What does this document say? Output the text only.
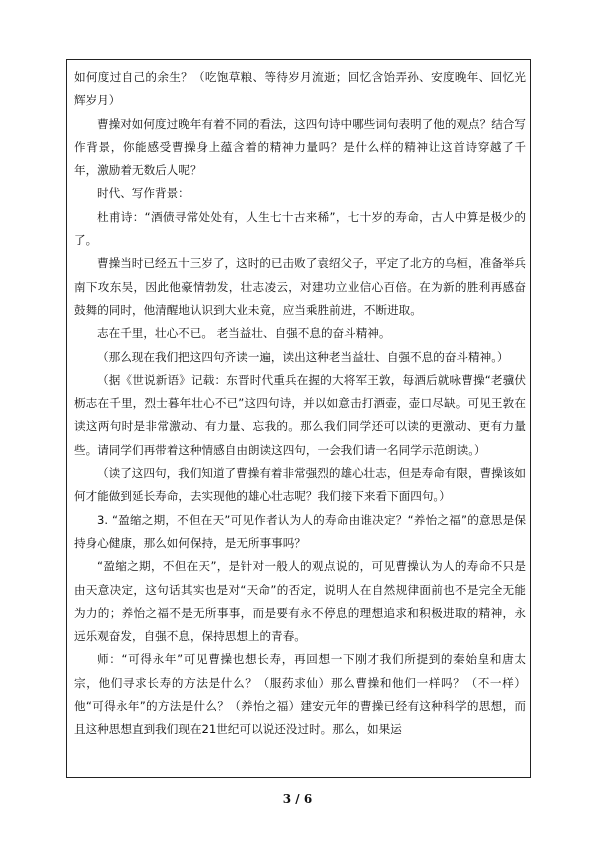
如何度过自己的余生？（吃饱草粮、等待岁月流逝；回忆含饴弄孙、安度晚年、回忆光辉岁月）

曹操对如何度过晚年有着不同的看法，这四句诗中哪些词句表明了他的观点？结合写作背景，你能感受曹操身上蕴含着的精神力量吗？是什么样的精神让这首诗穿越了千年，激励着无数后人呢？

时代、写作背景：

杜甫诗：“酒债寻常处处有，人生七十古来稀”，七十岁的寿命，古人中算是极少的了。

曹操当时已经五十三岁了，这时的已击败了袁绍父子，平定了北方的乌桓，准备举兵南下攻东吴，因此他豪情勃发，壮志凌云，对建功立业信心百倍。在为新的胜利再感奋鼓舞的同时，他清醒地认识到大业未竟，应当乘胜前进，不断进取。

志在千里，壮心不已。 老当益壮、自强不息的奋斗精神。

（那么现在我们把这四句齐读一遍，读出这种老当益壮、自强不息的奋斗精神。）

（据《世说新语》记载：东晋时代重兵在握的大将军王敦，每酒后就咏曹操“老骥伏枥志在千里，烈士暮年壮心不已”这四句诗，并以如意击打酒壶，壶口尽缺。可见王敦在读这两句时是非常激动、有力量、忘我的。那么我们同学还可以读的更激动、更有力量些。请同学们再带着这种情感自由朗读这四句，一会我们请一名同学示范朗读。）

（读了这四句，我们知道了曹操有着非常强烈的雄心壮志，但是寿命有限，曹操该如何才能做到延长寿命，去实现他的雄心壮志呢？我们接下来看下面四句。）

3. “盈缩之期，不但在天”可见作者认为人的寿命由谁决定？“养怡之福”的意思是保持身心健康，那么如何保持，是无所事事吗？

“盈缩之期，不但在天”，是针对一般人的观点说的，可见曹操认为人的寿命不只是由天意决定，这句话其实也是对“天命”的否定，说明人在自然规律面前也不是完全无能为力的；养怡之福不是无所事事，而是要有永不停息的理想追求和积极进取的精神，永远乐观奋发，自强不息，保持思想上的青春。

师：“可得永年”可见曹操也想长寿，再回想一下刚才我们所提到的秦始皇和唐太宗，他们寻求长寿的方法是什么？（服药求仙）那么曹操和他们一样吗？（不一样）他“可得永年”的方法是什么？（养怡之福）建安元年的曹操已经有这种科学的思想，而且这种思想直到我们现在21世纪可以说还没过时。那么，如果运

3 / 6
